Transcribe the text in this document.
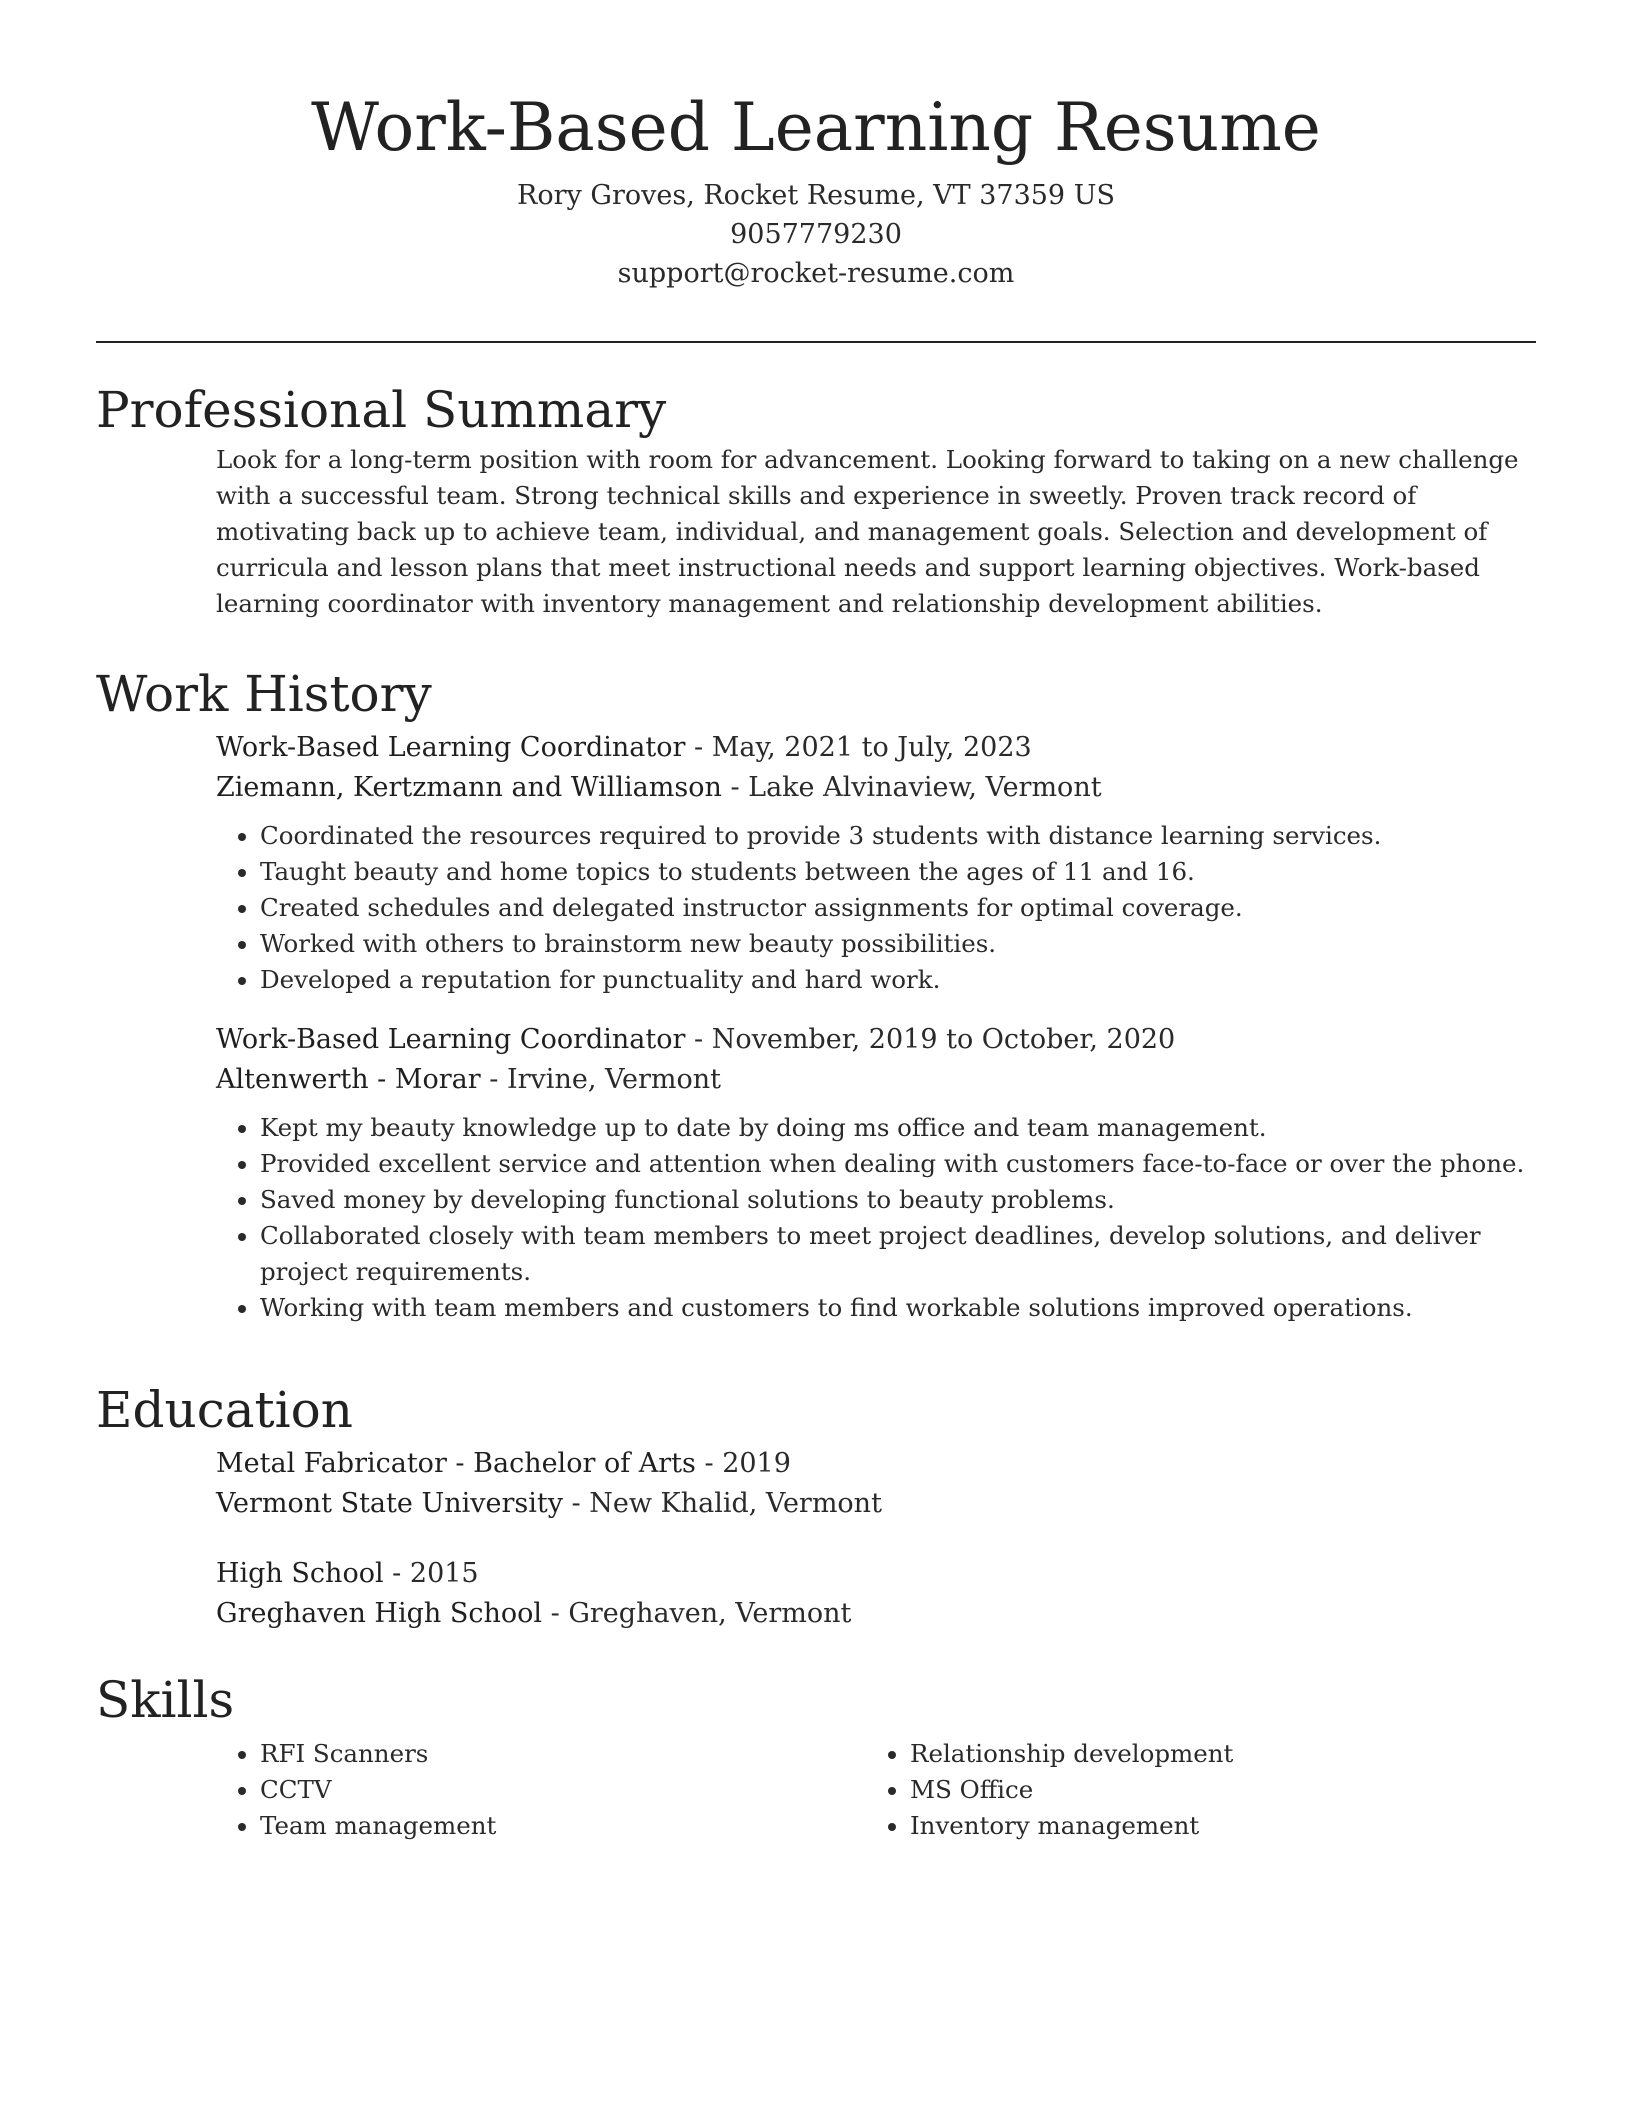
Work-Based Learning Resume
Rory Groves, Rocket Resume, VT 37359 US
9057779230
support@rocket-resume.com
Professional Summary
Look for a long-term position with room for advancement. Looking forward to taking on a new challenge with a successful team. Strong technical skills and experience in sweetly. Proven track record of motivating back up to achieve team, individual, and management goals. Selection and development of curricula and lesson plans that meet instructional needs and support learning objectives. Work-based learning coordinator with inventory management and relationship development abilities.
Work History
Work-Based Learning Coordinator - May, 2021 to July, 2023
Ziemann, Kertzmann and Williamson - Lake Alvinaview, Vermont
• Coordinated the resources required to provide 3 students with distance learning services.
• Taught beauty and home topics to students between the ages of 11 and 16.
• Created schedules and delegated instructor assignments for optimal coverage.
• Worked with others to brainstorm new beauty possibilities.
• Developed a reputation for punctuality and hard work.
Work-Based Learning Coordinator - November, 2019 to October, 2020
Altenwerth - Morar - Irvine, Vermont
• Kept my beauty knowledge up to date by doing ms office and team management.
• Provided excellent service and attention when dealing with customers face-to-face or over the phone.
• Saved money by developing functional solutions to beauty problems.
• Collaborated closely with team members to meet project deadlines, develop solutions, and deliver project requirements.
• Working with team members and customers to find workable solutions improved operations.
Education
Metal Fabricator - Bachelor of Arts - 2019
Vermont State University - New Khalid, Vermont
High School - 2015
Greghaven High School - Greghaven, Vermont
Skills
• RFI Scanners
• CCTV
• Team management
• Relationship development
• MS Office
• Inventory management
